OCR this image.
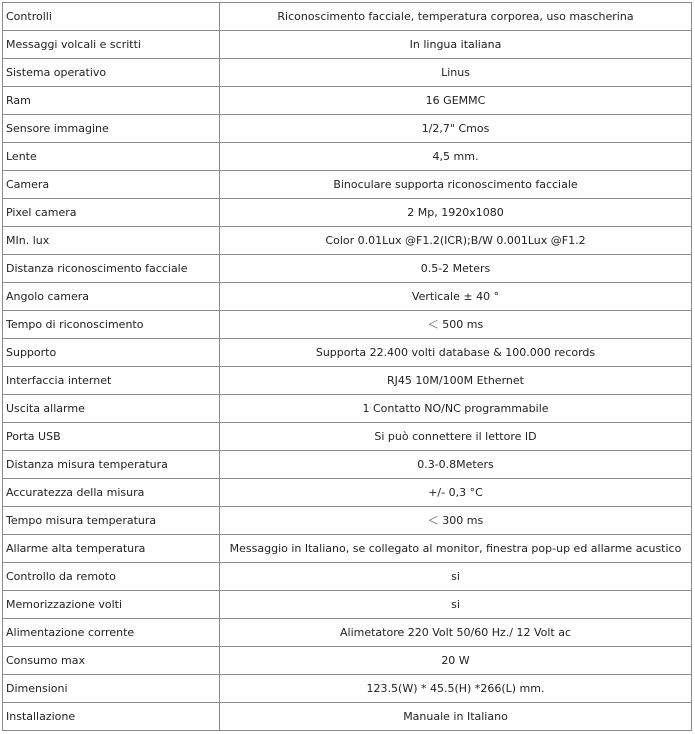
Controlli	Riconoscimento facciale, temperatura corporea, uso mascherina
Messaggi volcali e scritti	In lingua italiana
Sistema operativo	Linus
Ram	16 GEMMC
Sensore immagine	1/2,7" Cmos
Lente	4,5 mm.
Camera	Binoculare supporta riconoscimento facciale
Pixel camera	2 Mp, 1920x1080
MIn. lux	Color 0.01Lux @F1.2(ICR);B/W 0.001Lux @F1.2
Distanza riconoscimento facciale	0.5-2 Meters
Angolo camera	Verticale ± 40 °
Tempo di riconoscimento	＜ 500 ms
Supporto	Supporta 22.400 volti database & 100.000 records
Interfaccia internet	RJ45 10M/100M Ethernet
Uscita allarme	1 Contatto NO/NC programmabile
Porta USB	Si può connettere il lettore ID
Distanza misura temperatura	0.3-0.8Meters
Accuratezza della misura	+/- 0,3 °C
Tempo misura temperatura	＜ 300 ms
Allarme alta temperatura	Messaggio in Italiano, se collegato al monitor, finestra pop-up ed allarme acustico
Controllo da remoto	si
Memorizzazione volti	si
Alimentazione corrente	Alimetatore 220 Volt 50/60 Hz./ 12 Volt ac
Consumo max	20 W
Dimensioni	123.5(W) * 45.5(H) *266(L) mm.
Installazione	Manuale in Italiano
